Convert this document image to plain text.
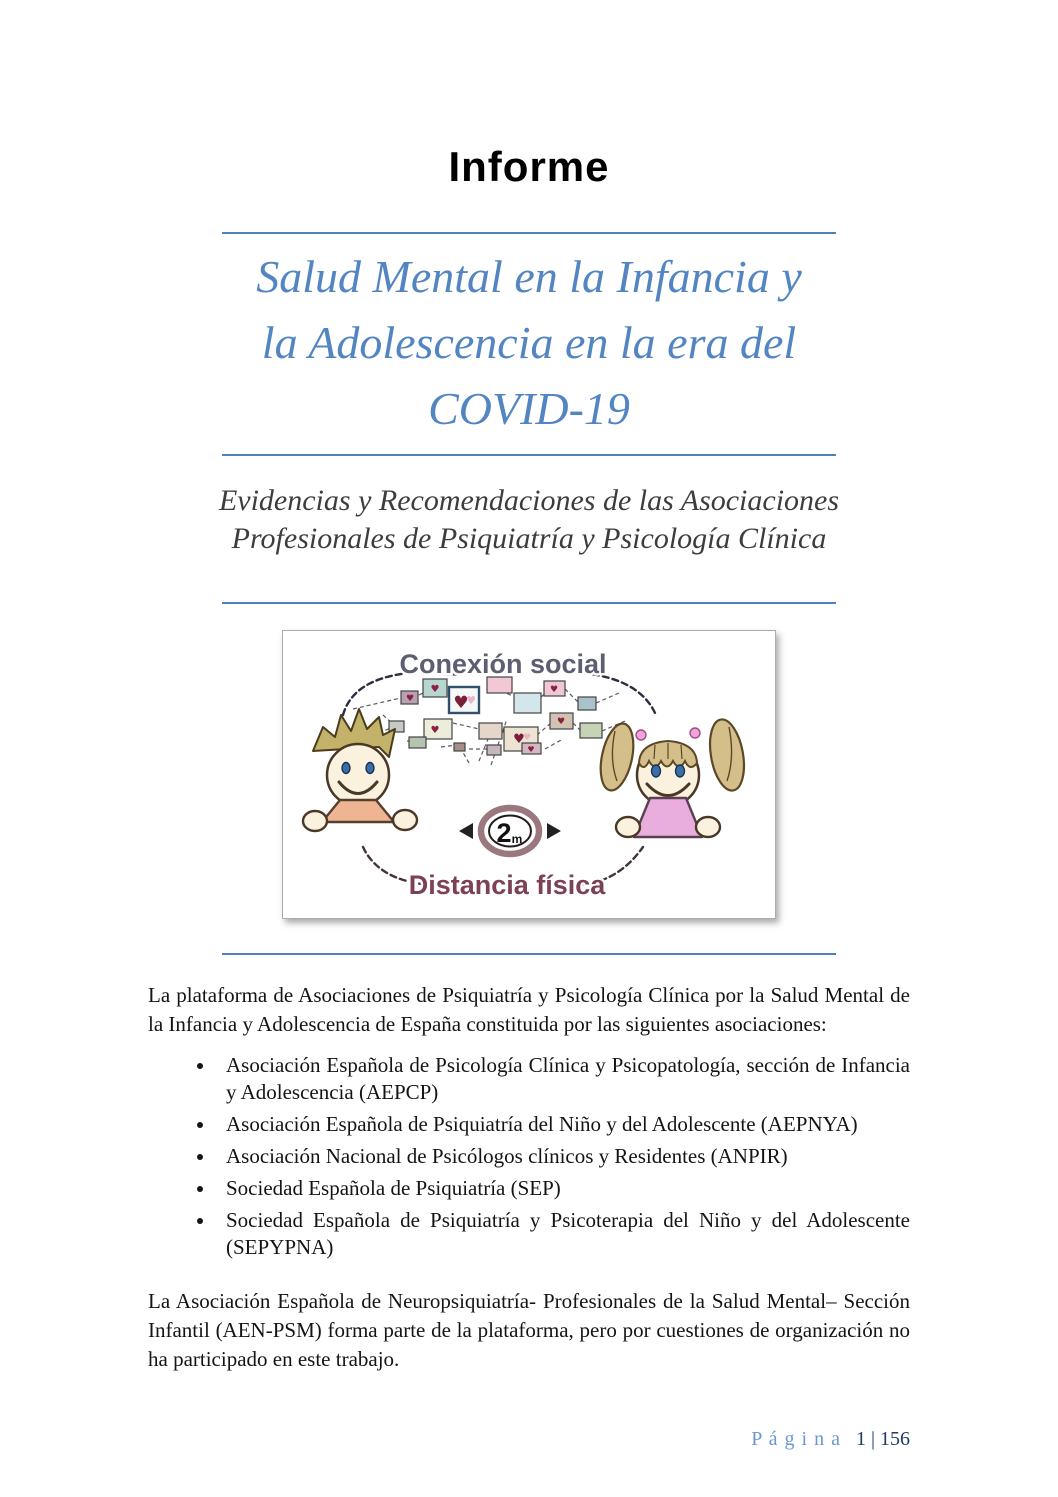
Informe
Salud Mental en la Infancia y
la Adolescencia en la era del
COVID-19
Evidencias y Recomendaciones de las Asociaciones
Profesionales de Psiquiatría y Psicología Clínica
♥
♥
♥
♥
♥
♥
♥
♥
♥
♥
2 m
Conexión social
Distancia física

La plataforma de Asociaciones de Psiquiatría y Psicología Clínica por la Salud Mental de la Infancia y Adolescencia de España constituida por las siguientes asociaciones:

• Asociación Española de Psicología Clínica y Psicopatología, sección de Infancia y Adolescencia (AEPCP)
• Asociación Española de Psiquiatría del Niño y del Adolescente (AEPNYA)
• Asociación Nacional de Psicólogos clínicos y Residentes (ANPIR)
• Sociedad Española de Psiquiatría (SEP)
• Sociedad Española de Psiquiatría y Psicoterapia del Niño y del Adolescente (SEPYPNA)

La Asociación Española de Neuropsiquiatría- Profesionales de la Salud Mental– Sección Infantil (AEN-PSM) forma parte de la plataforma, pero por cuestiones de organización no ha participado en este trabajo.

P á g i n a 1 | 156
